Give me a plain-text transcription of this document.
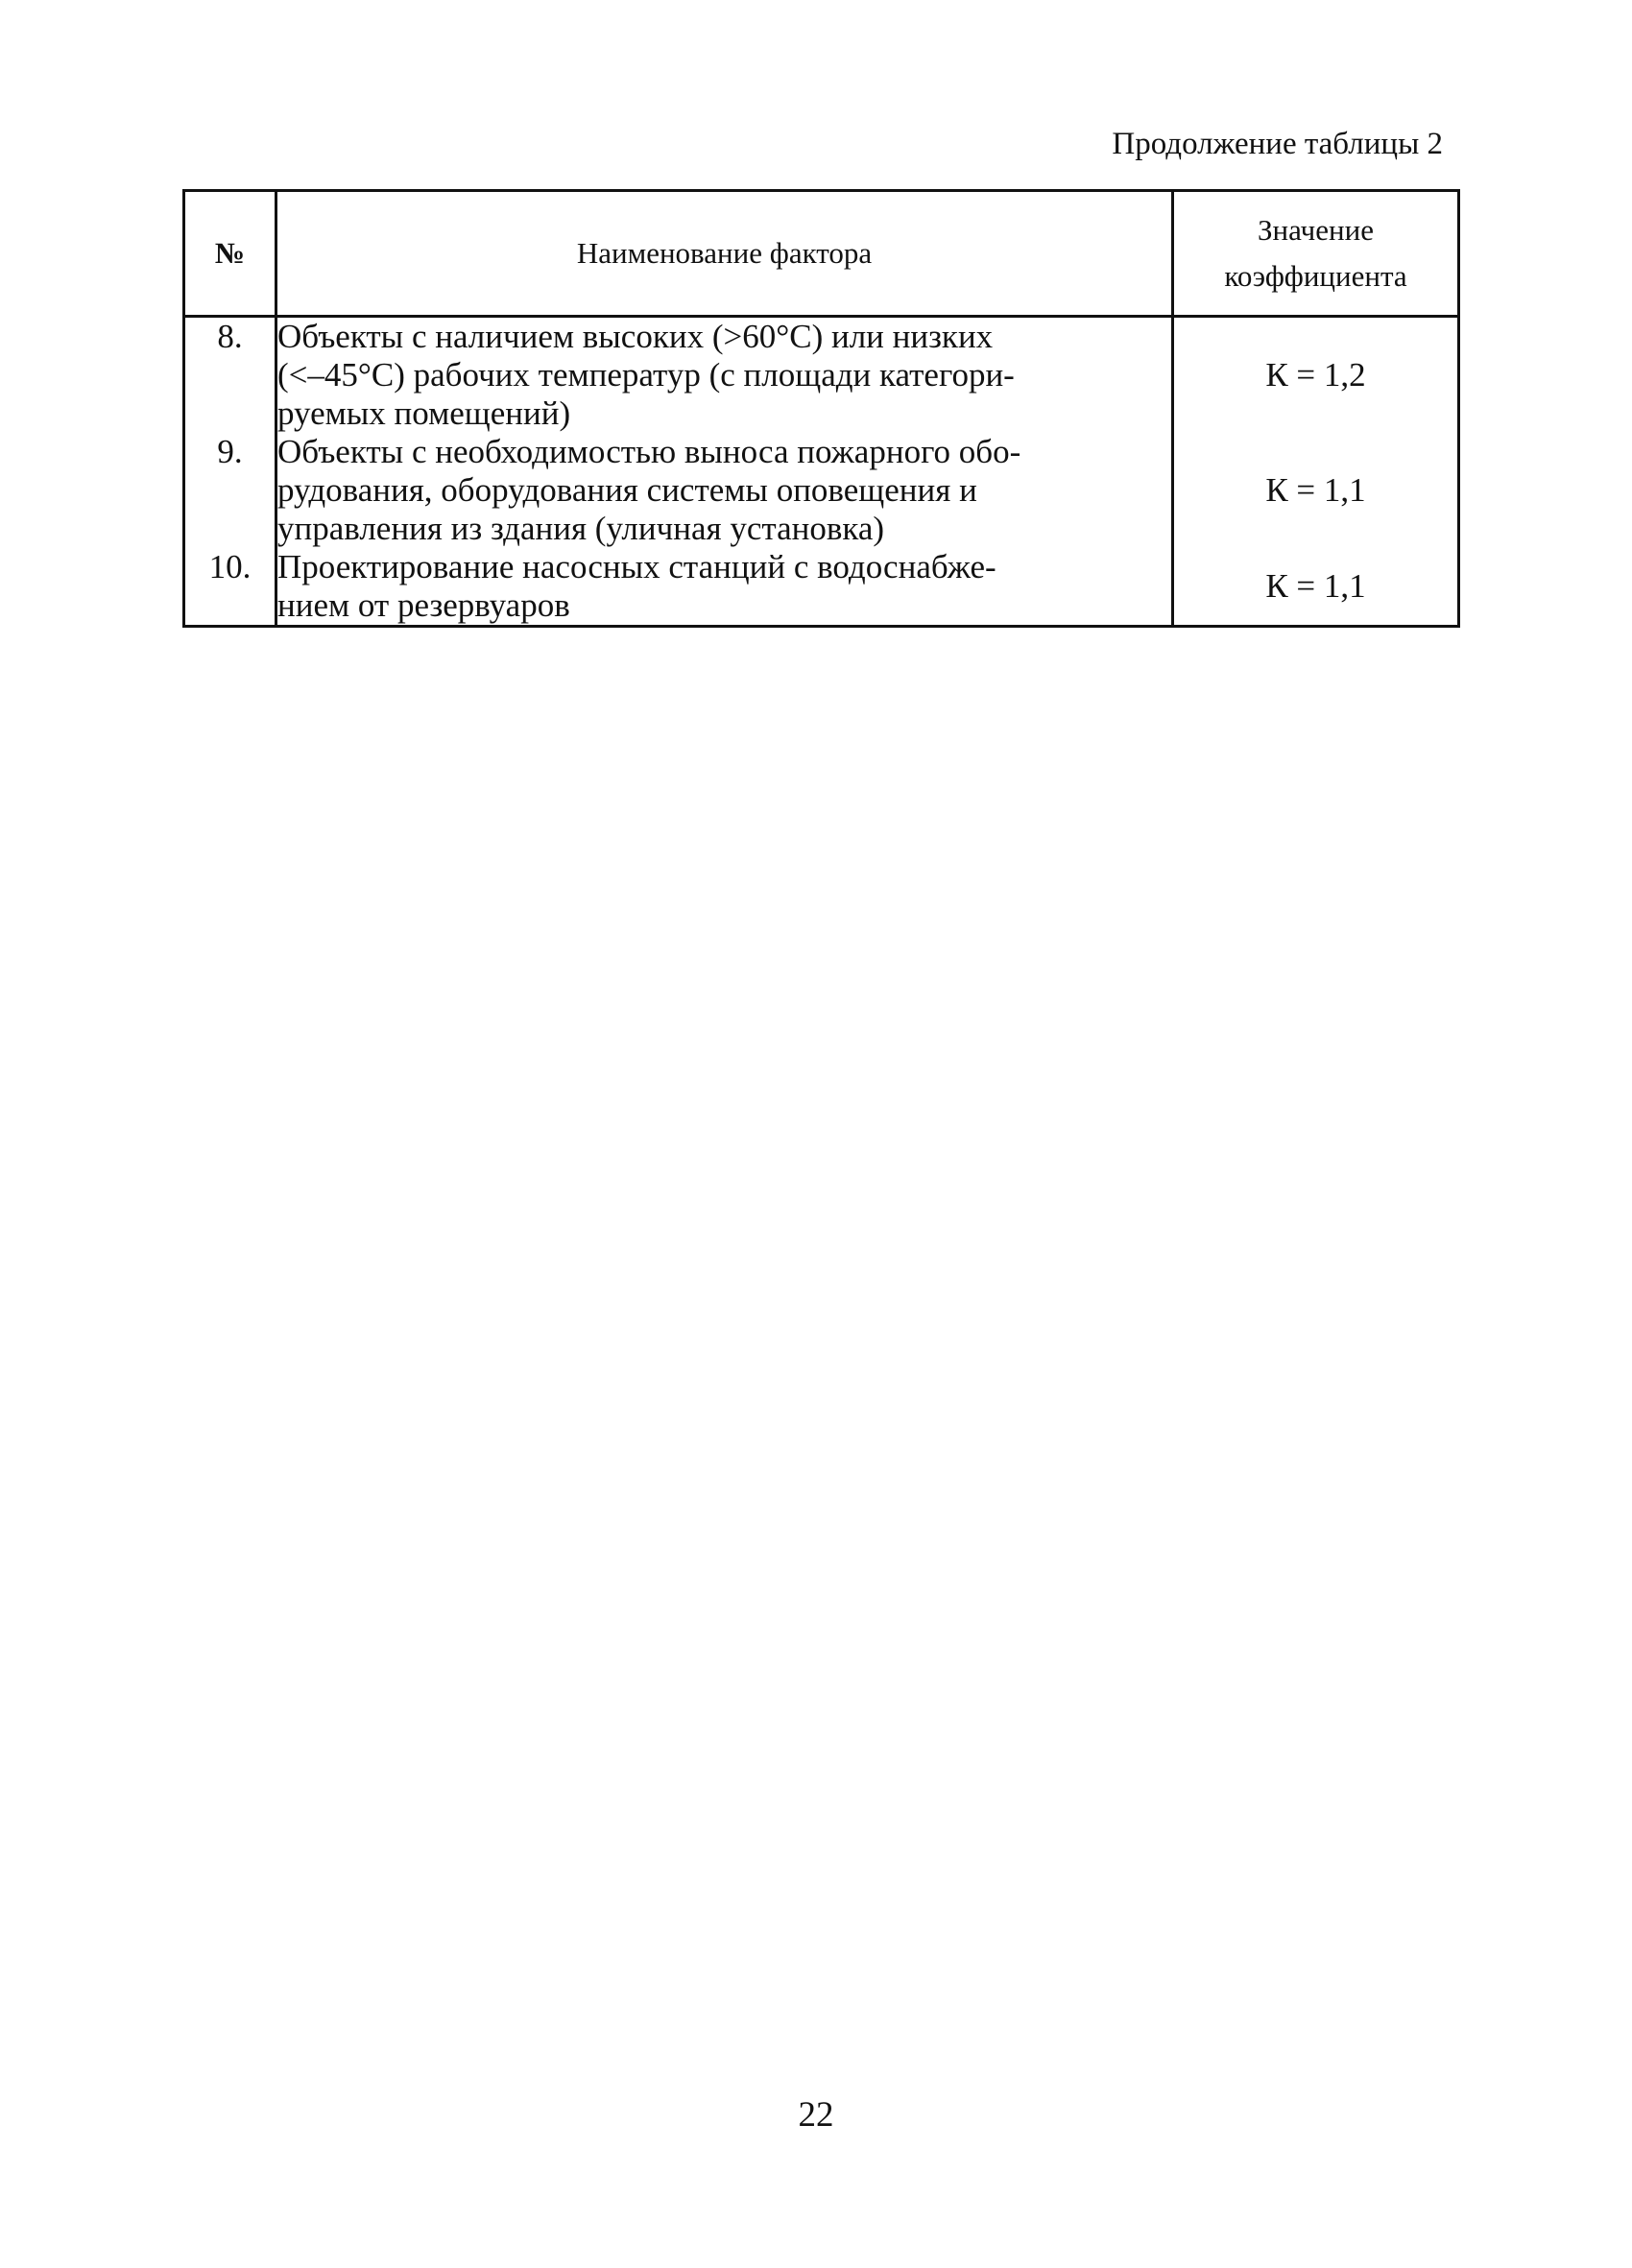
Продолжение таблицы 2
№	Наименование фактора	Значение
коэффициента

8.	Объекты с наличием высоких (>60°С) или низких
(<–45°С) рабочих температур (с площади категори-
руемых помещений)	К = 1,2
9.	Объекты с необходимостью выноса пожарного обо-
рудования, оборудования системы оповещения и
управления из здания (уличная установка)	К = 1,1
10.	Проектирование насосных станций с водоснабже-
нием от резервуаров	К = 1,1
22
